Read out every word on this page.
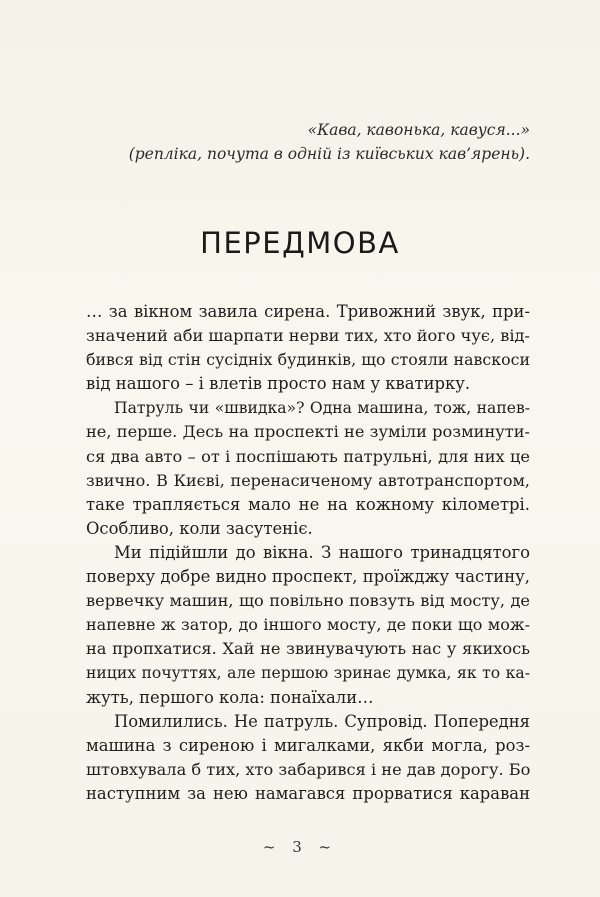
«Кава, кавонька, кавуся...»
(репліка, почута в одній із київських кав’ярень).
ПЕРЕДМОВА
… за вікном завила сирена. Тривожний звук, при-
значений аби шарпати нерви тих, хто його чує, від-
бився від стін сусідніх будинків, що стояли навскоси
від нашого – і влетів просто нам у кватирку.
Патруль чи «швидка»? Одна машина, тож, напев-
не, перше. Десь на проспекті не зуміли розминути-
ся два авто – от і поспішають патрульні, для них це
звично. В Києві, перенасиченому автотранспортом,
таке трапляється мало не на кожному кілометрі.
Особливо, коли засутеніє.
Ми підійшли до вікна. З нашого тринадцятого
поверху добре видно проспект, проїжджу частину,
вервечку машин, що повільно повзуть від мосту, де
напевне ж затор, до іншого мосту, де поки що мож-
на пропхатися. Хай не звинувачують нас у якихось
ницих почуттях, але першою зринає думка, як то ка-
жуть, першого кола: понаїхали…
Помилились. Не патруль. Супровід. Попередня
машина з сиреною і мигалками, якби могла, роз-
штовхувала б тих, хто забарився і не дав дорогу. Бо
наступним за нею намагався прорватися караван
~ 3 ~
